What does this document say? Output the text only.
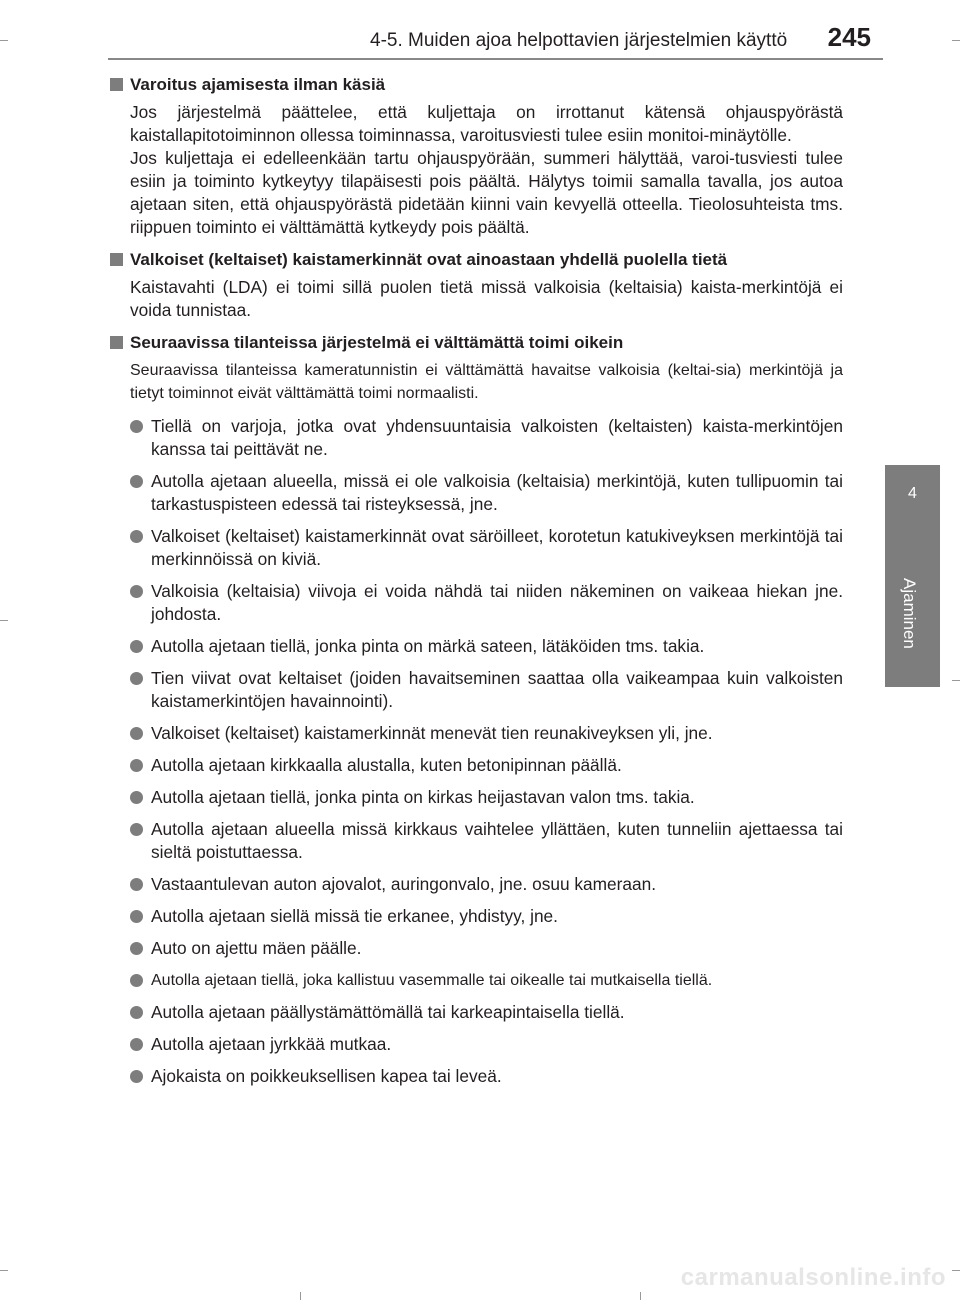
4-5. Muiden ajoa helpottavien järjestelmien käyttö 245
4
Ajaminen
Varoitus ajamisesta ilman käsiä

Jos järjestelmä päättelee, että kuljettaja on irrottanut kätensä ohjauspyörästä kaistallapitotoiminnon ollessa toiminnassa, varoitusviesti tulee esiin monitoi-minäytölle.

Jos kuljettaja ei edelleenkään tartu ohjauspyörään, summeri hälyttää, varoi-tusviesti tulee esiin ja toiminto kytkeytyy tilapäisesti pois päältä. Hälytys toimii samalla tavalla, jos autoa ajetaan siten, että ohjauspyörästä pidetään kiinni vain kevyellä otteella. Tieolosuhteista tms. riippuen toiminto ei välttämättä kytkeydy pois päältä.

Valkoiset (keltaiset) kaistamerkinnät ovat ainoastaan yhdellä puolella tietä

Kaistavahti (LDA) ei toimi sillä puolen tietä missä valkoisia (keltaisia) kaista-merkintöjä ei voida tunnistaa.

Seuraavissa tilanteissa järjestelmä ei välttämättä toimi oikein

Seuraavissa tilanteissa kameratunnistin ei välttämättä havaitse valkoisia (keltai-sia) merkintöjä ja tietyt toiminnot eivät välttämättä toimi normaalisti.

Tiellä on varjoja, jotka ovat yhdensuuntaisia valkoisten (keltaisten) kaista-merkintöjen kanssa tai peittävät ne.
Autolla ajetaan alueella, missä ei ole valkoisia (keltaisia) merkintöjä, kuten tullipuomin tai tarkastuspisteen edessä tai risteyksessä, jne.
Valkoiset (keltaiset) kaistamerkinnät ovat säröilleet, korotetun katukiveyksen merkintöjä tai merkinnöissä on kiviä.
Valkoisia (keltaisia) viivoja ei voida nähdä tai niiden näkeminen on vaikeaa hiekan jne. johdosta.
Autolla ajetaan tiellä, jonka pinta on märkä sateen, lätäköiden tms. takia.
Tien viivat ovat keltaiset (joiden havaitseminen saattaa olla vaikeampaa kuin valkoisten kaistamerkintöjen havainnointi).
Valkoiset (keltaiset) kaistamerkinnät menevät tien reunakiveyksen yli, jne.
Autolla ajetaan kirkkaalla alustalla, kuten betonipinnan päällä.
Autolla ajetaan tiellä, jonka pinta on kirkas heijastavan valon tms. takia.
Autolla ajetaan alueella missä kirkkaus vaihtelee yllättäen, kuten tunneliin ajettaessa tai sieltä poistuttaessa.
Vastaantulevan auton ajovalot, auringonvalo, jne. osuu kameraan.
Autolla ajetaan siellä missä tie erkanee, yhdistyy, jne.
Auto on ajettu mäen päälle.
Autolla ajetaan tiellä, joka kallistuu vasemmalle tai oikealle tai mutkaisella tiellä.
Autolla ajetaan päällystämättömällä tai karkeapintaisella tiellä.
Autolla ajetaan jyrkkää mutkaa.
Ajokaista on poikkeuksellisen kapea tai leveä.
carmanualsonline.info
